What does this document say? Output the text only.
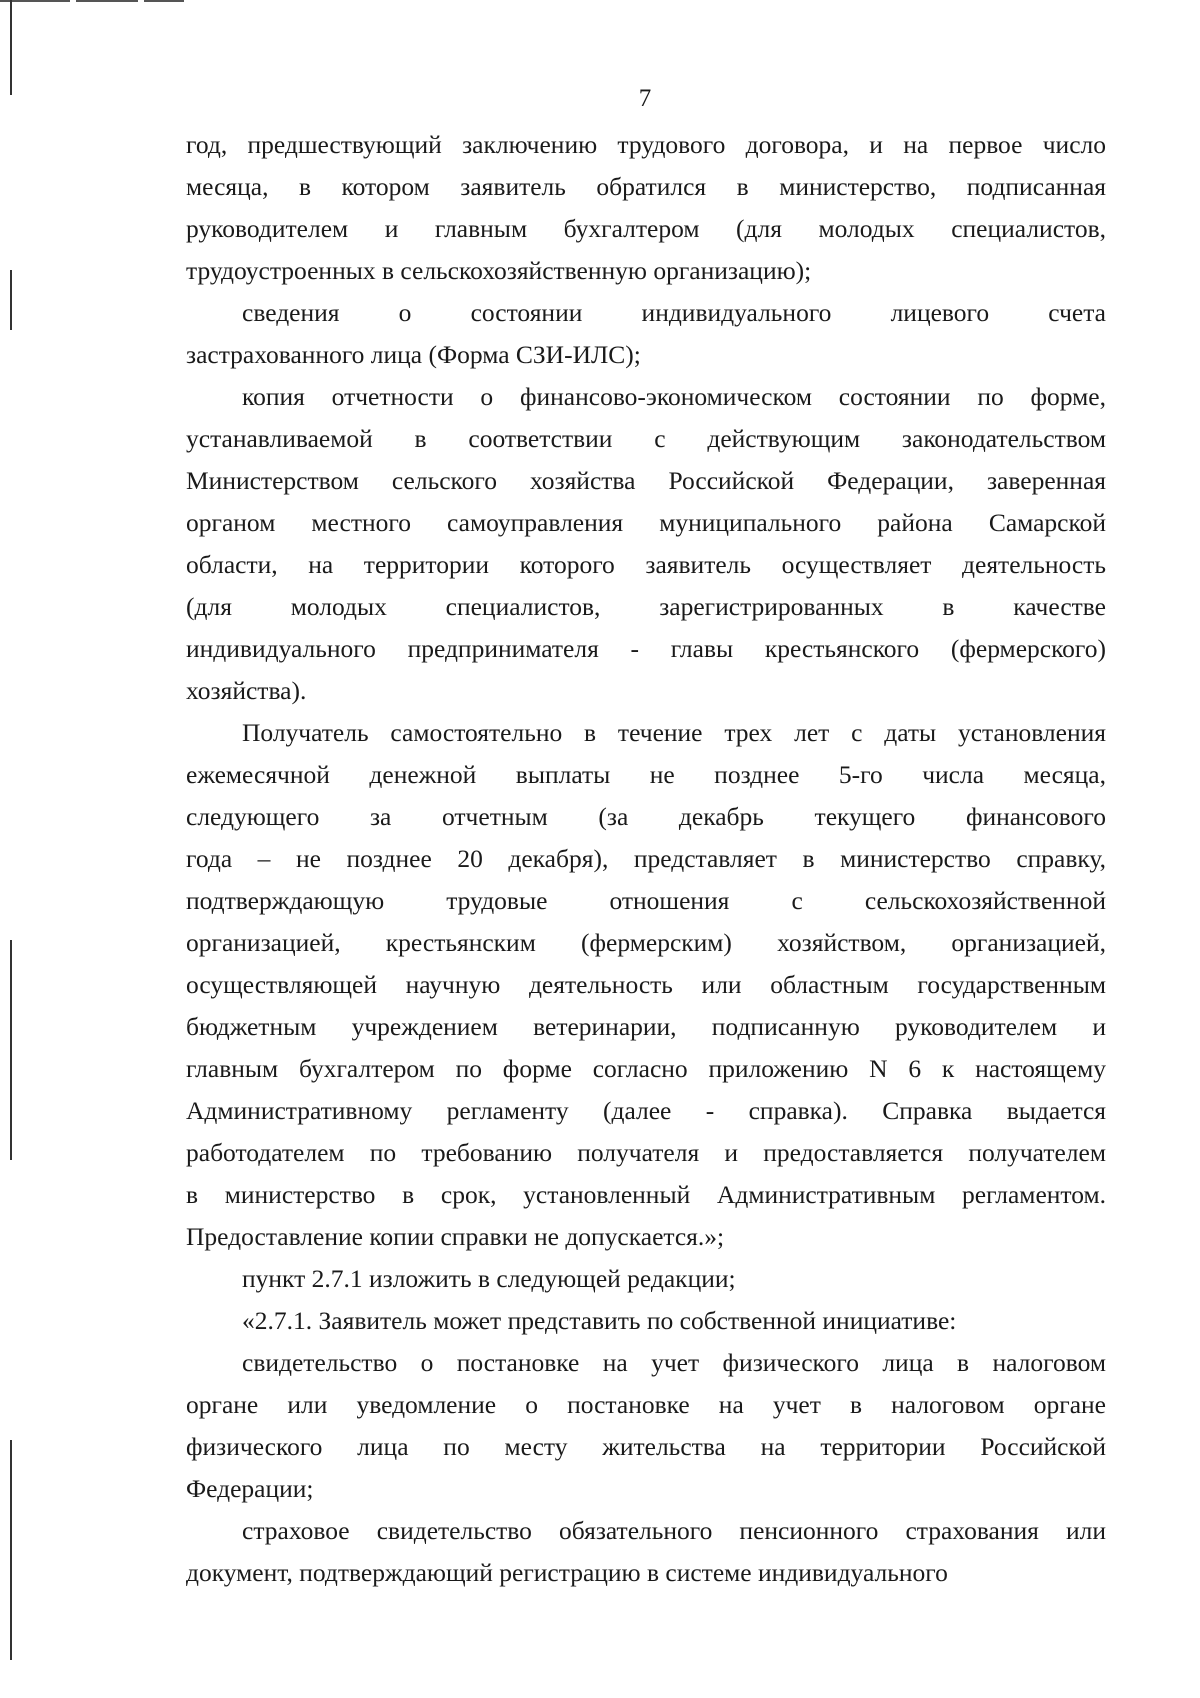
7

год, предшествующий заключению трудового договора, и на первое число
месяца, в котором заявитель обратился в министерство, подписанная
руководителем и главным бухгалтером (для молодых специалистов,
трудоустроенных в сельскохозяйственную организацию);

сведения о состоянии индивидуального лицевого счета
застрахованного лица (Форма СЗИ-ИЛС);

копия отчетности о финансово-экономическом состоянии по форме,
устанавливаемой в соответствии с действующим законодательством
Министерством сельского хозяйства Российской Федерации, заверенная
органом местного самоуправления муниципального района Самарской
области, на территории которого заявитель осуществляет деятельность
(для молодых специалистов, зарегистрированных в качестве
индивидуального предпринимателя - главы крестьянского (фермерского)
хозяйства).

Получатель самостоятельно в течение трех лет с даты установления
ежемесячной денежной выплаты не позднее 5-го числа месяца,
следующего за отчетным (за декабрь текущего финансового
года – не позднее 20 декабря), представляет в министерство справку,
подтверждающую трудовые отношения с сельскохозяйственной
организацией, крестьянским (фермерским) хозяйством, организацией,
осуществляющей научную деятельность или областным государственным
бюджетным учреждением ветеринарии, подписанную руководителем и
главным бухгалтером по форме согласно приложению N 6 к настоящему
Административному регламенту (далее - справка). Справка выдается
работодателем по требованию получателя и предоставляется получателем
в министерство в срок, установленный Административным регламентом.
Предоставление копии справки не допускается.»;

пункт 2.7.1 изложить в следующей редакции;

«2.7.1. Заявитель может представить по собственной инициативе:

свидетельство о постановке на учет физического лица в налоговом
органе или уведомление о постановке на учет в налоговом органе
физического лица по месту жительства на территории Российской
Федерации;

страховое свидетельство обязательного пенсионного страхования или
документ, подтверждающий регистрацию в системе индивидуального
